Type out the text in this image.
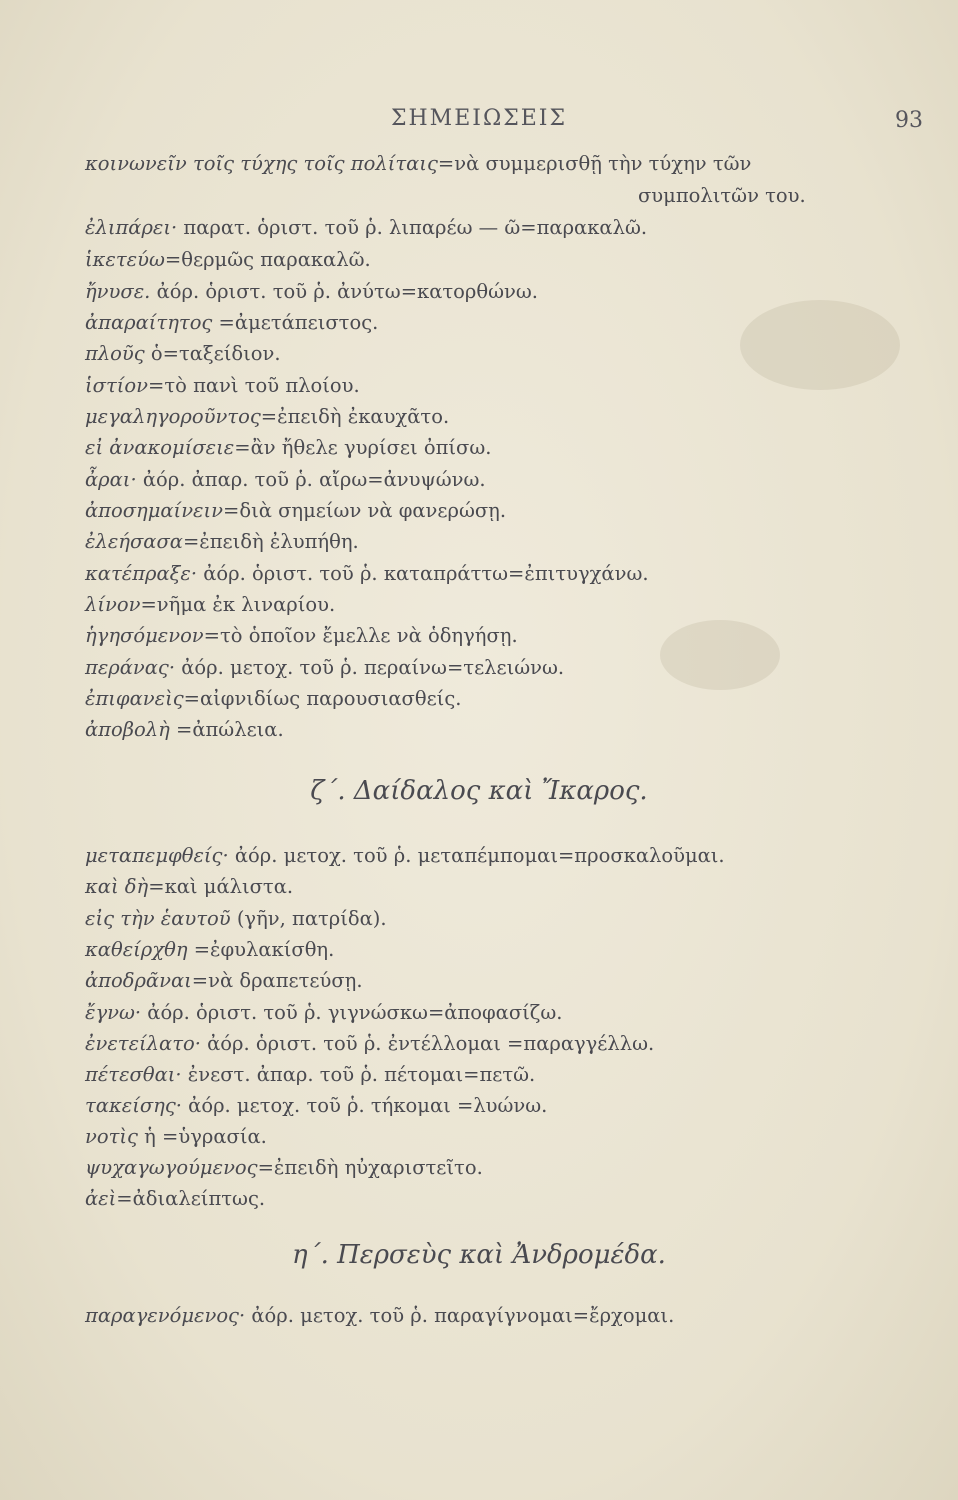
ΣΗΜΕΙΩΣΕΙΣ	93
κοινωνεῖν τοῖς τύχης τοῖς πολίταις=νὰ συμμερισθῇ τὴν τύχην τῶν
συμπολιτῶν του.
ἐλιπάρει· παρατ. ὁριστ. τοῦ ῥ. λιπαρέω — ῶ=παρακαλῶ.
ἱκετεύω=θερμῶς παρακαλῶ.
ἤνυσε. ἀόρ. ὁριστ. τοῦ ῥ. ἀνύτω=κατορθώνω.
ἀπαραίτητος =ἀμετάπειστος.
πλοῦς ὁ=ταξείδιον.
ἱστίον=τὸ πανὶ τοῦ πλοίου.
μεγαληγοροῦντος=ἐπειδὴ ἐκαυχᾶτο.
εἰ ἀνακομίσειε=ἂν ἤθελε γυρίσει ὀπίσω.
ἆραι· ἀόρ. ἀπαρ. τοῦ ῥ. αἴρω=ἀνυψώνω.
ἀποσημαίνειν=διὰ σημείων νὰ φανερώσῃ.
ἐλεήσασα=ἐπειδὴ ἐλυπήθη.
κατέπραξε· ἀόρ. ὁριστ. τοῦ ῥ. καταπράττω=ἐπιτυγχάνω.
λίνον=νῆμα ἐκ λιναρίου.
ἡγησόμενον=τὸ ὁποῖον ἔμελλε νὰ ὁδηγήσῃ.
περάνας· ἀόρ. μετοχ. τοῦ ῥ. περαίνω=τελειώνω.
ἐπιφανεὶς=αἰφνιδίως παρουσιασθείς.
ἀποβολὴ =ἀπώλεια.
ζ΄. Δαίδαλος καὶ Ἴκαρος.
μεταπεμφθείς· ἀόρ. μετοχ. τοῦ ῥ. μεταπέμπομαι=προσκαλοῦμαι.
καὶ δὴ=καὶ μάλιστα.
εἰς τὴν ἑαυτοῦ (γῆν, πατρίδα).
καθείρχθη =ἐφυλακίσθη.
ἀποδρᾶναι=νὰ δραπετεύσῃ.
ἔγνω· ἀόρ. ὁριστ. τοῦ ῥ. γιγνώσκω=ἀποφασίζω.
ἐνετείλατο· ἀόρ. ὁριστ. τοῦ ῥ. ἐντέλλομαι =παραγγέλλω.
πέτεσθαι· ἐνεστ. ἀπαρ. τοῦ ῥ. πέτομαι=πετῶ.
τακείσης· ἀόρ. μετοχ. τοῦ ῥ. τήκομαι =λυώνω.
νοτὶς ἡ =ὑγρασία.
ψυχαγωγούμενος=ἐπειδὴ ηὐχαριστεῖτο.
ἀεὶ=ἀδιαλείπτως.
η΄. Περσεὺς καὶ Ἀνδρομέδα.
παραγενόμενος· ἀόρ. μετοχ. τοῦ ῥ. παραγίγνομαι=ἔρχομαι.
